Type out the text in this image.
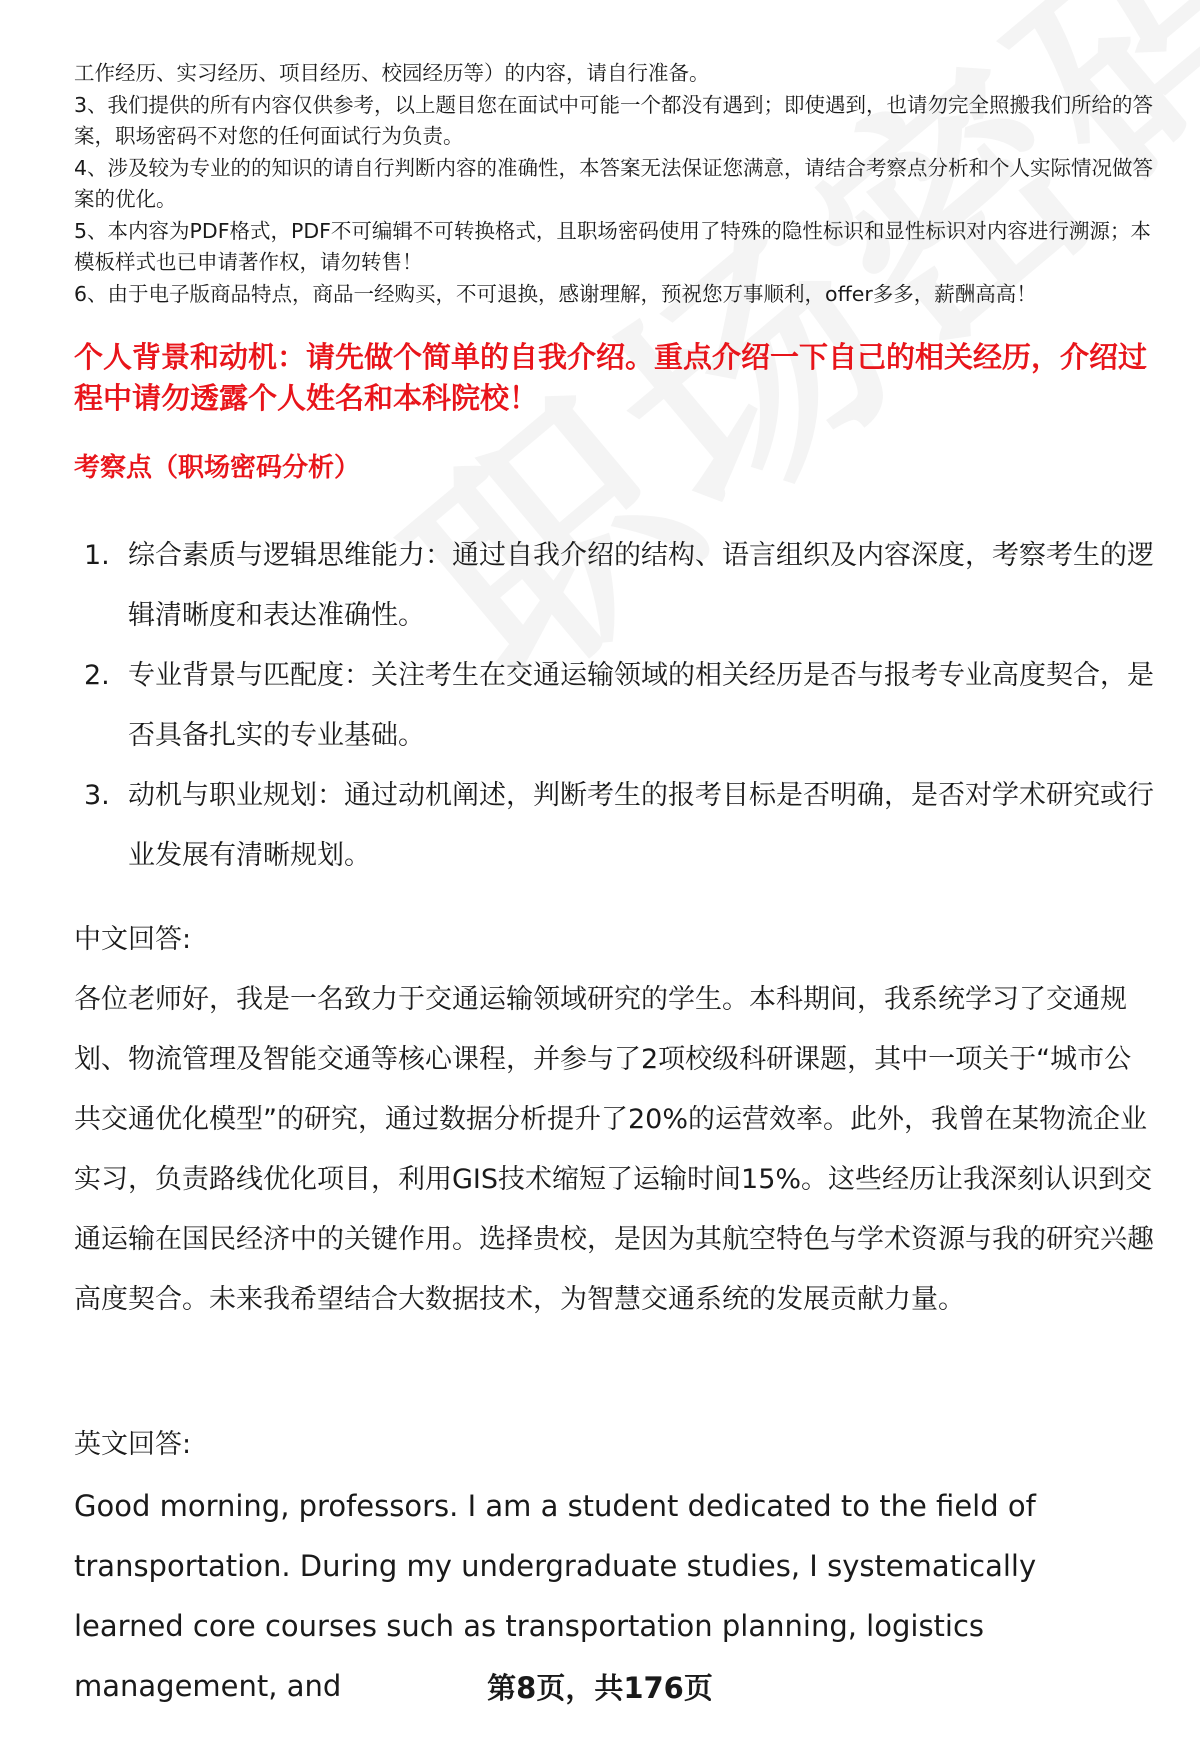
工作经历、实习经历、项目经历、校园经历等）的内容，请自行准备。

3、我们提供的所有内容仅供参考，以上题目您在面试中可能一个都没有遇到；即使遇到，也请勿完全照搬我们所给的答案，职场密码不对您的任何面试行为负责。

4、涉及较为专业的的知识的请自行判断内容的准确性，本答案无法保证您满意，请结合考察点分析和个人实际情况做答案的优化。

5、本内容为PDF格式，PDF不可编辑不可转换格式，且职场密码使用了特殊的隐性标识和显性标识对内容进行溯源；本模板样式也已申请著作权，请勿转售！

6、由于电子版商品特点，商品一经购买，不可退换，感谢理解，预祝您万事顺利，offer多多，薪酬高高！

个人背景和动机：请先做个简单的自我介绍。重点介绍一下自己的相关经历，介绍过程中请勿透露个人姓名和本科院校！

考察点（职场密码分析）

1. 综合素质与逻辑思维能力：通过自我介绍的结构、语言组织及内容深度，考察考生的逻辑清晰度和表达准确性。
2. 专业背景与匹配度：关注考生在交通运输领域的相关经历是否与报考专业高度契合，是否具备扎实的专业基础。
3. 动机与职业规划：通过动机阐述，判断考生的报考目标是否明确，是否对学术研究或行业发展有清晰规划。

中文回答:

各位老师好，我是一名致力于交通运输领域研究的学生。本科期间，我系统学习了交通规划、物流管理及智能交通等核心课程，并参与了2项校级科研课题，其中一项关于“城市公共交通优化模型”的研究，通过数据分析提升了20%的运营效率。此外，我曾在某物流企业实习，负责路线优化项目，利用GIS技术缩短了运输时间15%。这些经历让我深刻认识到交通运输在国民经济中的关键作用。选择贵校，是因为其航空特色与学术资源与我的研究兴趣高度契合。未来我希望结合大数据技术，为智慧交通系统的发展贡献力量。

英文回答:

Good morning, professors. I am a student dedicated to the field of transportation. During my undergraduate studies, I systematically learned core courses such as transportation planning, logistics management, and	第8页，共176页
